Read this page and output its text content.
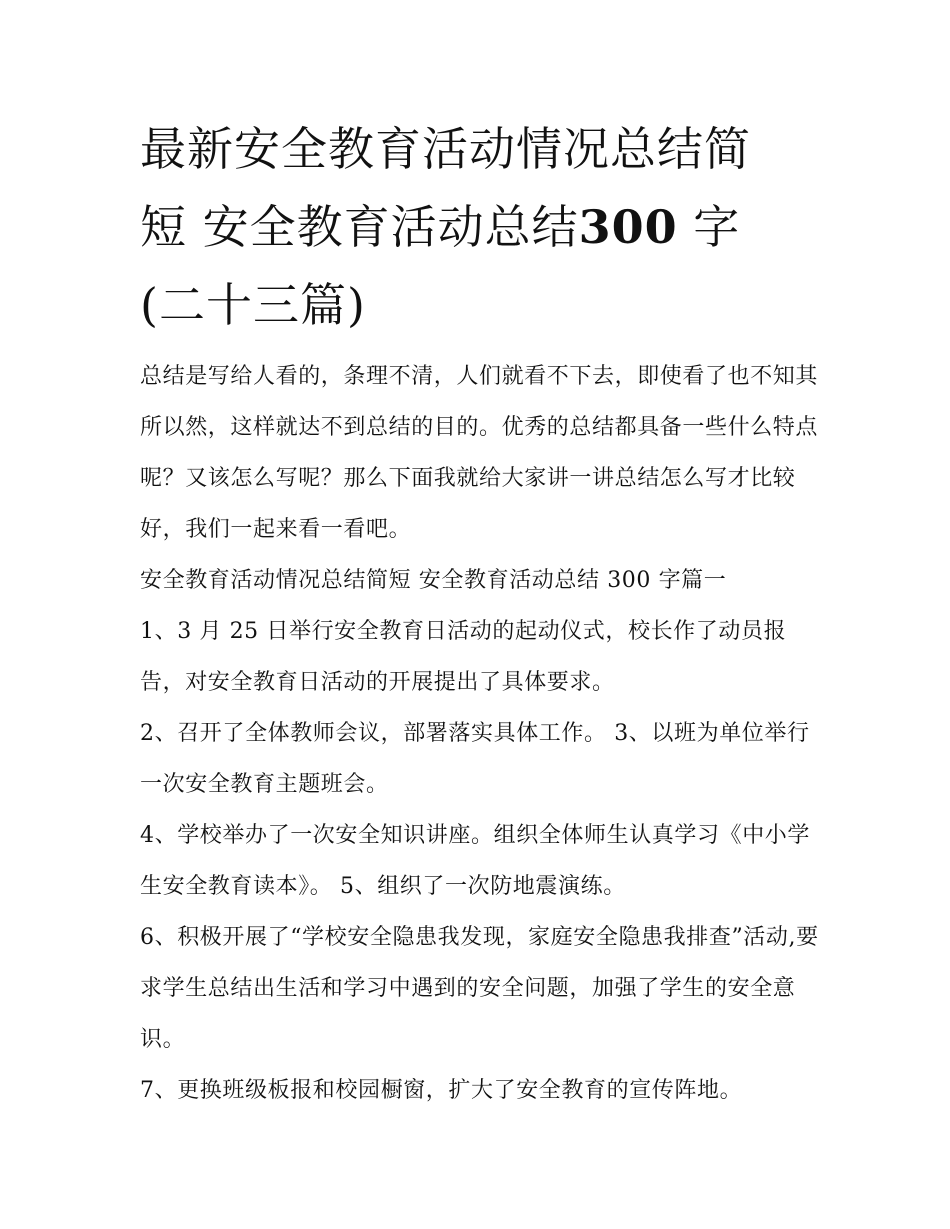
最新安全教育活动情况总结简
短 安全教育活动总结300 字
(二十三篇)

总结是写给人看的，条理不清，人们就看不下去，即使看了也不知其所以然，这样就达不到总结的目的。优秀的总结都具备一些什么特点呢？又该怎么写呢？那么下面我就给大家讲一讲总结怎么写才比较好，我们一起来看一看吧。

安全教育活动情况总结简短 安全教育活动总结 300 字篇一

1、3 月 25 日举行安全教育日活动的起动仪式，校长作了动员报告，对安全教育日活动的开展提出了具体要求。

2、召开了全体教师会议，部署落实具体工作。 3、以班为单位举行一次安全教育主题班会。

4、学校举办了一次安全知识讲座。组织全体师生认真学习《中小学生安全教育读本》。 5、组织了一次防地震演练。

6、积极开展了“学校安全隐患我发现，家庭安全隐患我排查”活动,要求学生总结出生活和学习中遇到的安全问题，加强了学生的安全意识。

7、更换班级板报和校园橱窗，扩大了安全教育的宣传阵地。
